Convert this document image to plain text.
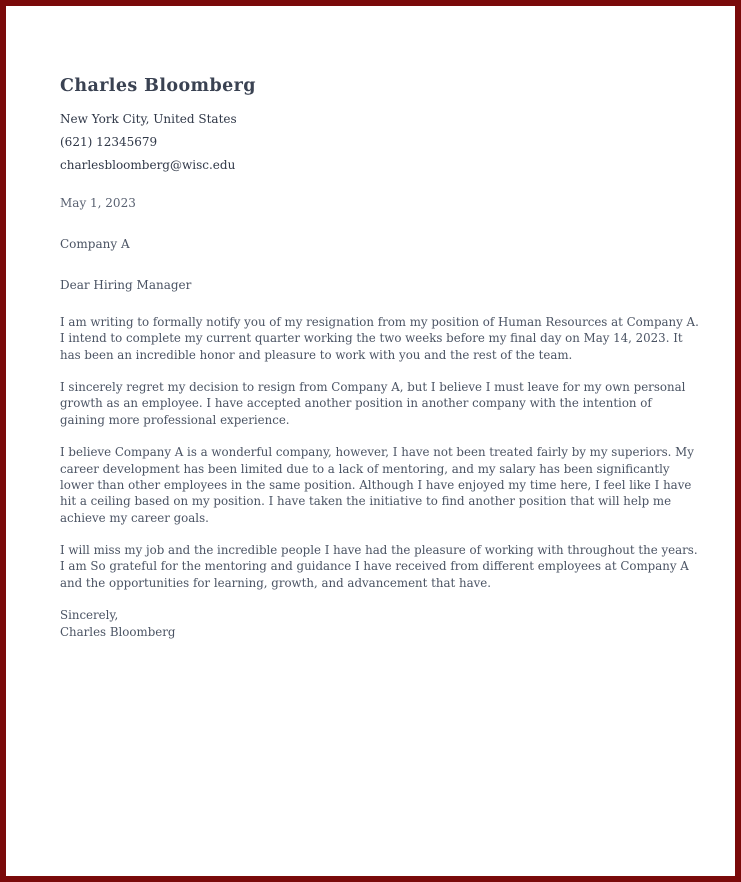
Charles Bloomberg
New York City, United States
(621) 12345679
charlesbloomberg@wisc.edu
May 1, 2023
Company A
Dear Hiring Manager

I am writing to formally notify you of my resignation from my position of Human Resources at Company A. I intend to complete my current quarter working the two weeks before my final day on May 14, 2023. It has been an incredible honor and pleasure to work with you and the rest of the team.

I sincerely regret my decision to resign from Company A, but I believe I must leave for my own personal growth as an employee. I have accepted another position in another company with the intention of gaining more professional experience.

I believe Company A is a wonderful company, however, I have not been treated fairly by my superiors. My career development has been limited due to a lack of mentoring, and my salary has been significantly lower than other employees in the same position. Although I have enjoyed my time here, I feel like I have hit a ceiling based on my position. I have taken the initiative to find another position that will help me achieve my career goals.

I will miss my job and the incredible people I have had the pleasure of working with throughout the years. I am So grateful for the mentoring and guidance I have received from different employees at Company A and the opportunities for learning, growth, and advancement that have.

Sincerely,
Charles Bloomberg
